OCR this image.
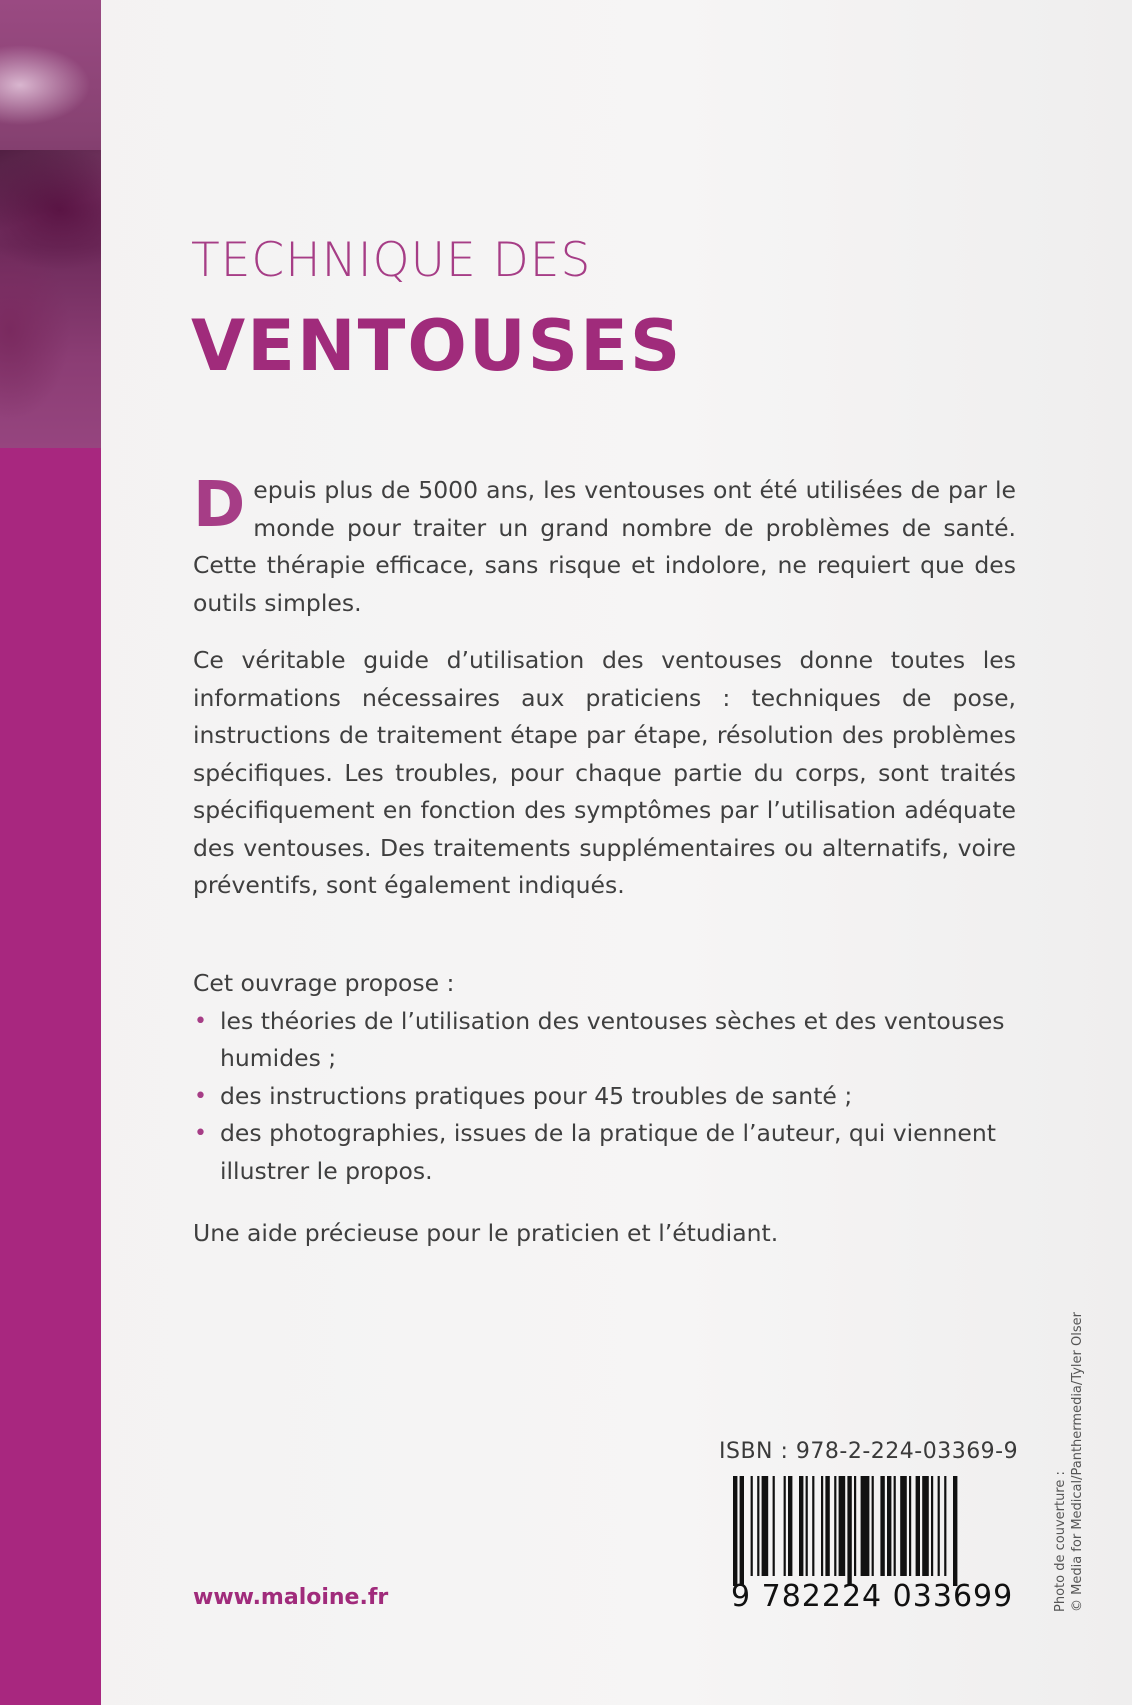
TECHNIQUE DES
VENTOUSES
Depuis plus de 5000 ans, les ventouses ont été utilisées de par le monde pour traiter un grand nombre de problèmes de santé. Cette thérapie efficace, sans risque et indolore, ne requiert que des outils simples.
Ce véritable guide d’utilisation des ventouses donne toutes les informations nécessaires aux praticiens : techniques de pose, instructions de traitement étape par étape, résolution des problèmes spécifiques. Les troubles, pour chaque partie du corps, sont traités spécifiquement en fonction des symptômes par l’utilisation adéquate des ventouses. Des traitements supplémentaires ou alternatifs, voire préventifs, sont également indiqués.
Cet ouvrage propose :
• les théories de l’utilisation des ventouses sèches et des ventouses humides ;
• des instructions pratiques pour 45 troubles de santé ;
• des photographies, issues de la pratique de l’auteur, qui viennent illustrer le propos.
Une aide précieuse pour le praticien et l’étudiant.
www.maloine.fr
ISBN : 978-2-224-03369-9
9 782224 033699	Photo de couverture : © Media for Medical/Panthermedia/Tyler Olser
